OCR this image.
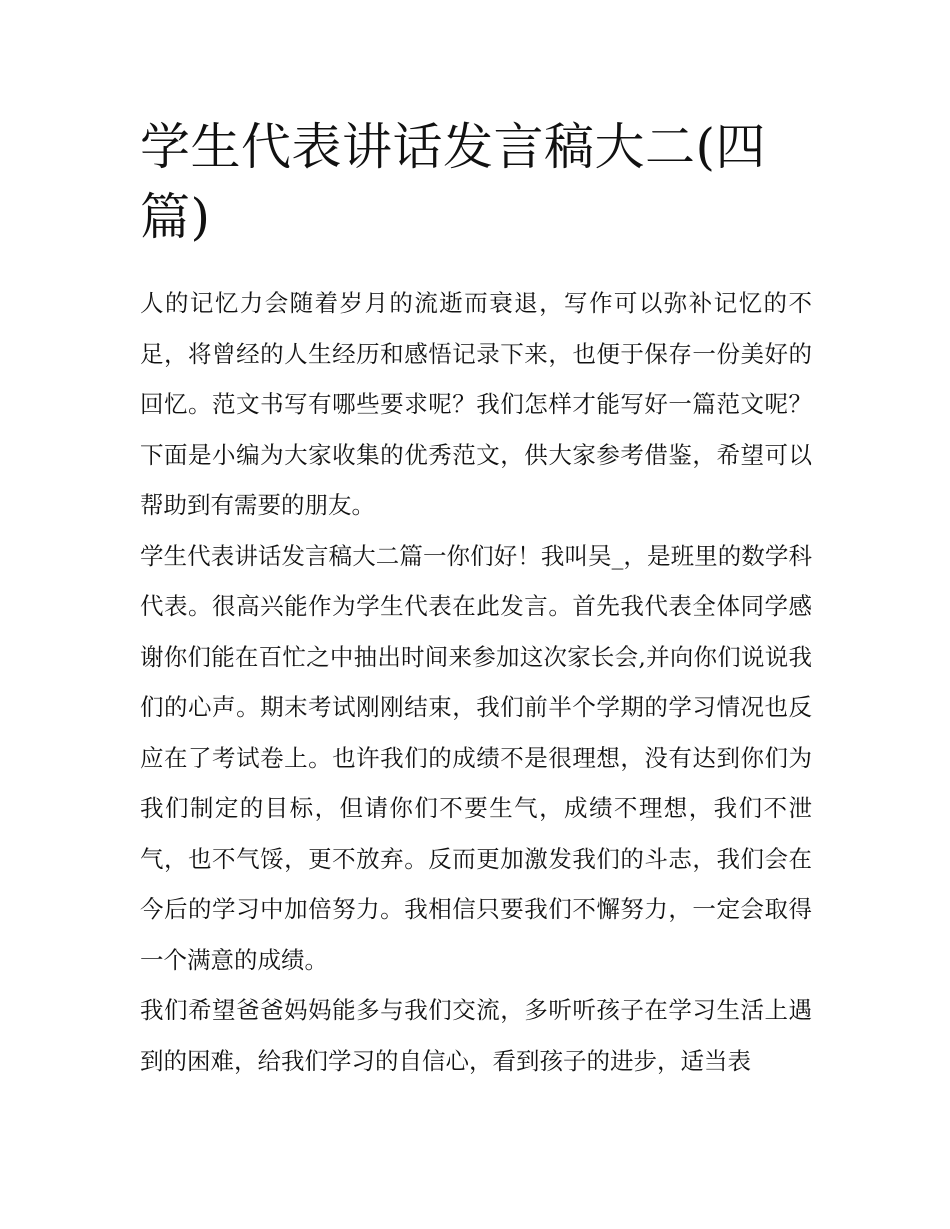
学生代表讲话发言稿大二(四篇)

人的记忆力会随着岁月的流逝而衰退，写作可以弥补记忆的不足，将曾经的人生经历和感悟记录下来，也便于保存一份美好的回忆。范文书写有哪些要求呢？我们怎样才能写好一篇范文呢？下面是小编为大家收集的优秀范文，供大家参考借鉴，希望可以帮助到有需要的朋友。

学生代表讲话发言稿大二篇一你们好！我叫吴_，是班里的数学科代表。很高兴能作为学生代表在此发言。首先我代表全体同学感谢你们能在百忙之中抽出时间来参加这次家长会,并向你们说说我们的心声。期末考试刚刚结束，我们前半个学期的学习情况也反应在了考试卷上。也许我们的成绩不是很理想，没有达到你们为我们制定的目标，但请你们不要生气，成绩不理想，我们不泄气，也不气馁，更不放弃。反而更加激发我们的斗志，我们会在今后的学习中加倍努力。我相信只要我们不懈努力，一定会取得一个满意的成绩。

我们希望爸爸妈妈能多与我们交流，多听听孩子在学习生活上遇到的困难，给我们学习的自信心，看到孩子的进步，适当表
